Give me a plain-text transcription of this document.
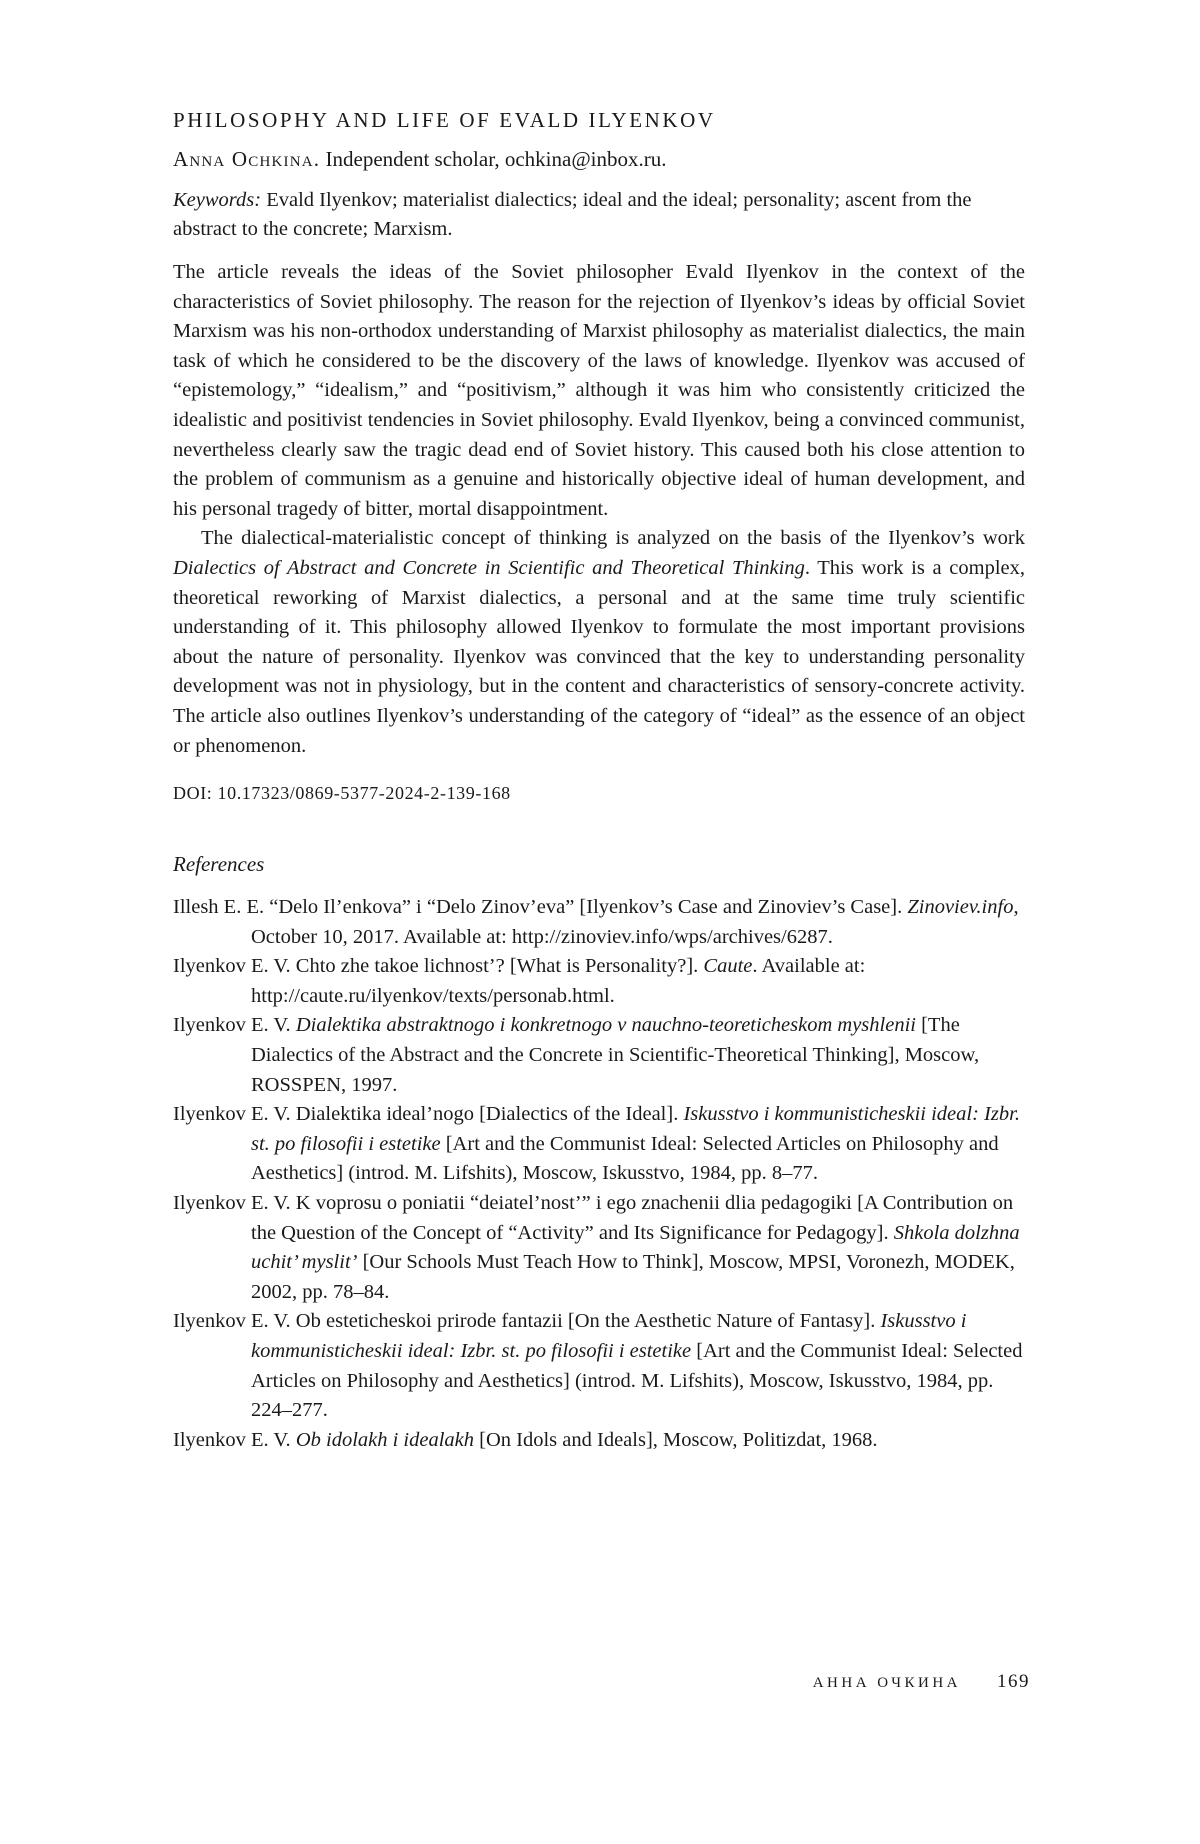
PHILOSOPHY AND LIFE OF EVALD ILYENKOV

Anna Ochkina. Independent scholar, ochkina@inbox.ru.

Keywords: Evald Ilyenkov; materialist dialectics; ideal and the ideal; personality; ascent from the abstract to the concrete; Marxism.

The article reveals the ideas of the Soviet philosopher Evald Ilyenkov in the context of the characteristics of Soviet philosophy. The reason for the rejection of Ilyenkov’s ideas by official Soviet Marxism was his non-orthodox understanding of Marxist philosophy as materialist dialectics, the main task of which he considered to be the discovery of the laws of knowledge. Ilyenkov was accused of “epistemology,” “idealism,” and “positivism,” although it was him who consistently criticized the idealistic and positivist tendencies in Soviet philosophy. Evald Ilyenkov, being a convinced communist, nevertheless clearly saw the tragic dead end of Soviet history. This caused both his close attention to the problem of communism as a genuine and historically objective ideal of human development, and his personal tragedy of bitter, mortal disappointment.

The dialectical-materialistic concept of thinking is analyzed on the basis of the Ilyenkov’s work Dialectics of Abstract and Concrete in Scientific and Theoretical Thinking. This work is a complex, theoretical reworking of Marxist dialectics, a personal and at the same time truly scientific understanding of it. This philosophy allowed Ilyenkov to formulate the most important provisions about the nature of personality. Ilyenkov was convinced that the key to understanding personality development was not in physiology, but in the content and characteristics of sensory-concrete activity. The article also outlines Ilyenkov’s understanding of the category of “ideal” as the essence of an object or phenomenon.

DOI: 10.17323/0869-5377-2024-2-139-168

References

Illesh E. E. “Delo Il’enkova” i “Delo Zinov’eva” [Ilyenkov’s Case and Zinoviev’s Case]. Zinoviev.info, October 10, 2017. Available at: http://zinoviev.info/wps/archives/6287.

Ilyenkov E. V. Chto zhe takoe lichnost’? [What is Personality?]. Caute. Available at: http://caute.ru/ilyenkov/texts/personab.html.

Ilyenkov E. V. Dialektika abstraktnogo i konkretnogo v nauchno-teoreticheskom myshlenii [The Dialectics of the Abstract and the Concrete in Scientific-Theoretical Thinking], Moscow, ROSSPEN, 1997.

Ilyenkov E. V. Dialektika ideal’nogo [Dialectics of the Ideal]. Iskusstvo i kommunisticheskii ideal: Izbr. st. po filosofii i estetike [Art and the Communist Ideal: Selected Articles on Philosophy and Aesthetics] (introd. M. Lifshits), Moscow, Iskusstvo, 1984, pp. 8–77.

Ilyenkov E. V. K voprosu o poniatii “deiatel’nost’” i ego znachenii dlia pedagogiki [A Contribution on the Question of the Concept of “Activity” and Its Significance for Pedagogy]. Shkola dolzhna uchit’ myslit’ [Our Schools Must Teach How to Think], Moscow, MPSI, Voronezh, MODEK, 2002, pp. 78–84.

Ilyenkov E. V. Ob esteticheskoi prirode fantazii [On the Aesthetic Nature of Fantasy]. Iskusstvo i kommunisticheskii ideal: Izbr. st. po filosofii i estetike [Art and the Communist Ideal: Selected Articles on Philosophy and Aesthetics] (introd. M. Lifshits), Moscow, Iskusstvo, 1984, pp. 224–277.

Ilyenkov E. V. Ob idolakh i idealakh [On Idols and Ideals], Moscow, Politizdat, 1968.

АННА ОЧКИНА 169
